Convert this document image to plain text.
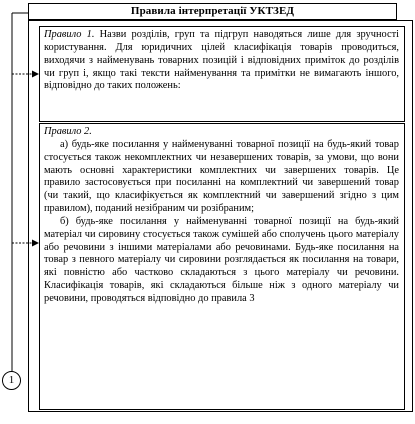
Правила інтерпретації УКТЗЕД

Правило 1. Назви розділів, груп та підгруп наводяться лише для зручності користування. Для юридичних цілей класифікація товарів проводиться, виходячи з найменувань товарних позицій і відповідних приміток до розділів чи груп і, якщо такі тексти найменування та примітки не вимагають іншого, відповідно до таких положень:

Правило 2.

а) будь-яке посилання у найменуванні товарної позиції на будь-який товар стосується також некомплектних чи незавершених товарів, за умови, що вони мають основні характеристики комплектних чи завершених товарів. Це правило застосовується при посиланні на комплектний чи завершений товар (чи такий, що класифікується як комплектний чи завершений згідно з цим правилом), поданий незібраним чи розібраним;

б) будь-яке посилання у найменуванні товарної позиції на будь-який матеріал чи сировину стосується також сумішей або сполучень цього матеріалу або речовини з іншими матеріалами або речовинами. Будь-яке посилання на товар з певного матеріалу чи сировини розглядається як посилання на товари, які повністю або частково складаються з цього матеріалу чи речовини. Класифікація товарів, які складаються більше ніж з одного матеріалу чи речовини, проводяться відповідно до правила 3

1
